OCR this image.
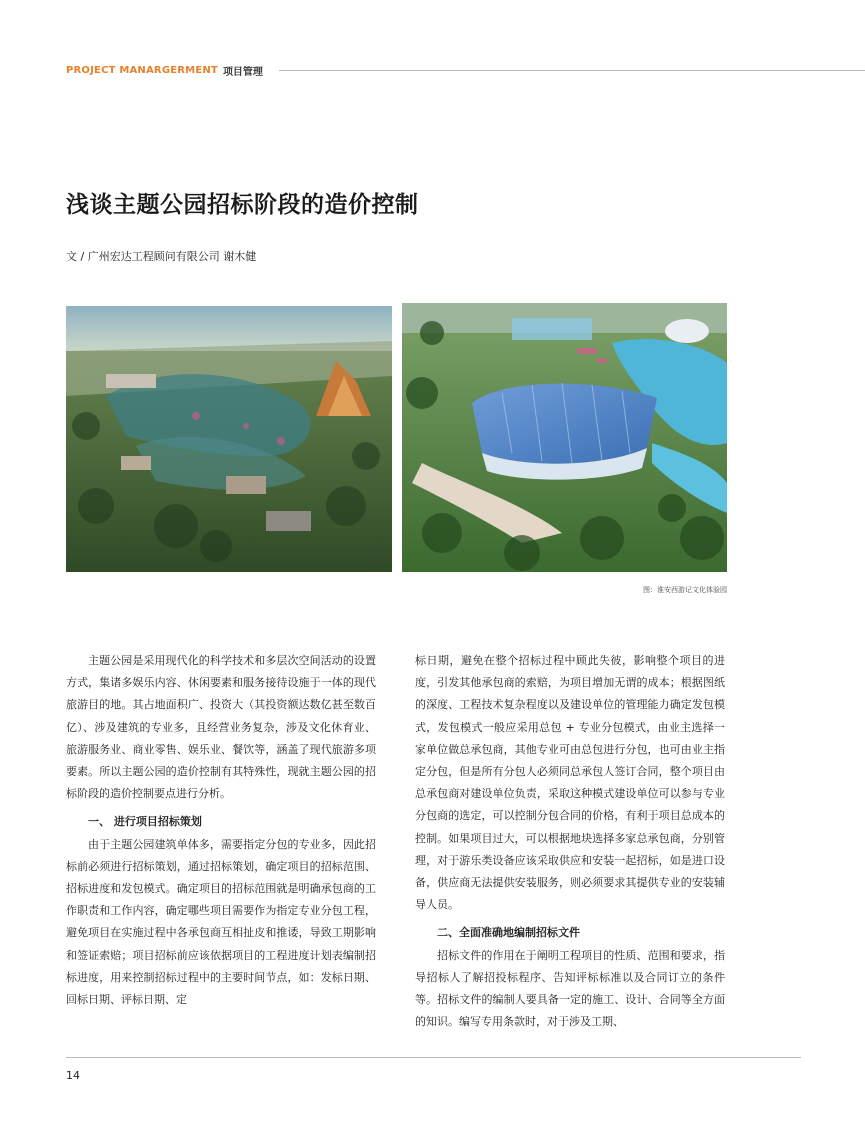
PROJECT MANARGERMENT 项目管理
浅谈主题公园招标阶段的造价控制
文 / 广州宏达工程顾问有限公司 谢木健
图：淮安西游记文化体验园

主题公园是采用现代化的科学技术和多层次空间活动的设置方式，集诸多娱乐内容、休闲要素和服务接待设施于一体的现代旅游目的地。其占地面积广、投资大（其投资额达数亿甚至数百亿）、涉及建筑的专业多，且经营业务复杂，涉及文化休育业、旅游服务业、商业零售、娱乐业、餐饮等，涵盖了现代旅游多项要素。所以主题公园的造价控制有其特殊性，现就主题公园的招标阶段的造价控制要点进行分析。

一、 进行项目招标策划

由于主题公园建筑单体多，需要指定分包的专业多，因此招标前必须进行招标策划，通过招标策划，确定项目的招标范围、招标进度和发包模式。确定项目的招标范围就是明确承包商的工作职责和工作内容，确定哪些项目需要作为指定专业分包工程，避免项目在实施过程中各承包商互相扯皮和推诿，导致工期影响和签证索赔；项目招标前应该依据项目的工程进度计划表编制招标进度，用来控制招标过程中的主要时间节点，如：发标日期、回标日期、评标日期、定

标日期，避免在整个招标过程中顾此失彼，影响整个项目的进度，引发其他承包商的索赔，为项目增加无谓的成本；根据图纸的深度、工程技术复杂程度以及建设单位的管理能力确定发包模式，发包模式一般应采用总包 + 专业分包模式，由业主选择一家单位做总承包商，其他专业可由总包进行分包，也可由业主指定分包，但是所有分包人必须同总承包人签订合同，整个项目由总承包商对建设单位负责，采取这种模式建设单位可以参与专业分包商的选定，可以控制分包合同的价格，有利于项目总成本的控制。如果项目过大，可以根据地块选择多家总承包商，分别管理，对于游乐类设备应该采取供应和安装一起招标，如是进口设备，供应商无法提供安装服务，则必须要求其提供专业的安装辅导人员。

二、全面准确地编制招标文件

招标文件的作用在于阐明工程项目的性质、范围和要求，指导招标人了解招投标程序、告知评标标准以及合同订立的条件等。招标文件的编制人要具备一定的施工、设计、合同等全方面的知识。编写专用条款时，对于涉及工期、

14
